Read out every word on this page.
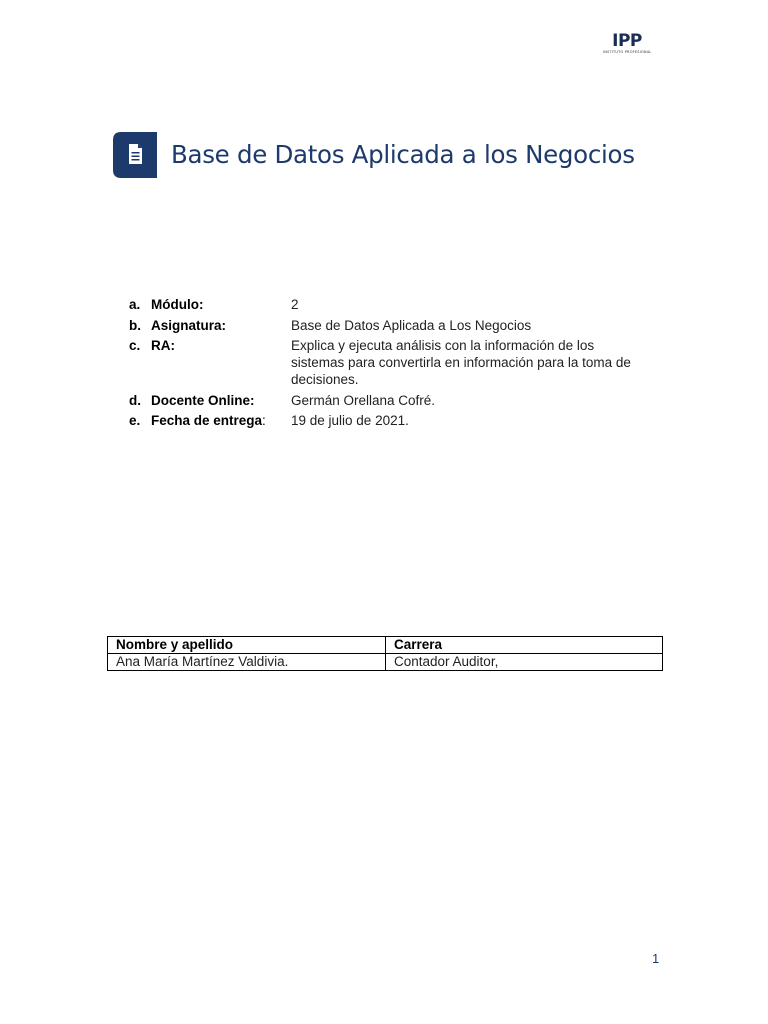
IPP
INSTITUTO PROFESIONAL
Base de Datos Aplicada a los Negocios
a. Módulo:	2
b. Asignatura:	Base de Datos Aplicada a Los Negocios
c. RA:	Explica y ejecuta análisis con la información de los sistemas para convertirla en información para la toma de decisiones.
d. Docente Online:	Germán Orellana Cofré.
e. Fecha de entrega:	19 de julio de 2021.
Nombre y apellido	Carrera
Ana María Martínez Valdivia.	Contador Auditor,
1
